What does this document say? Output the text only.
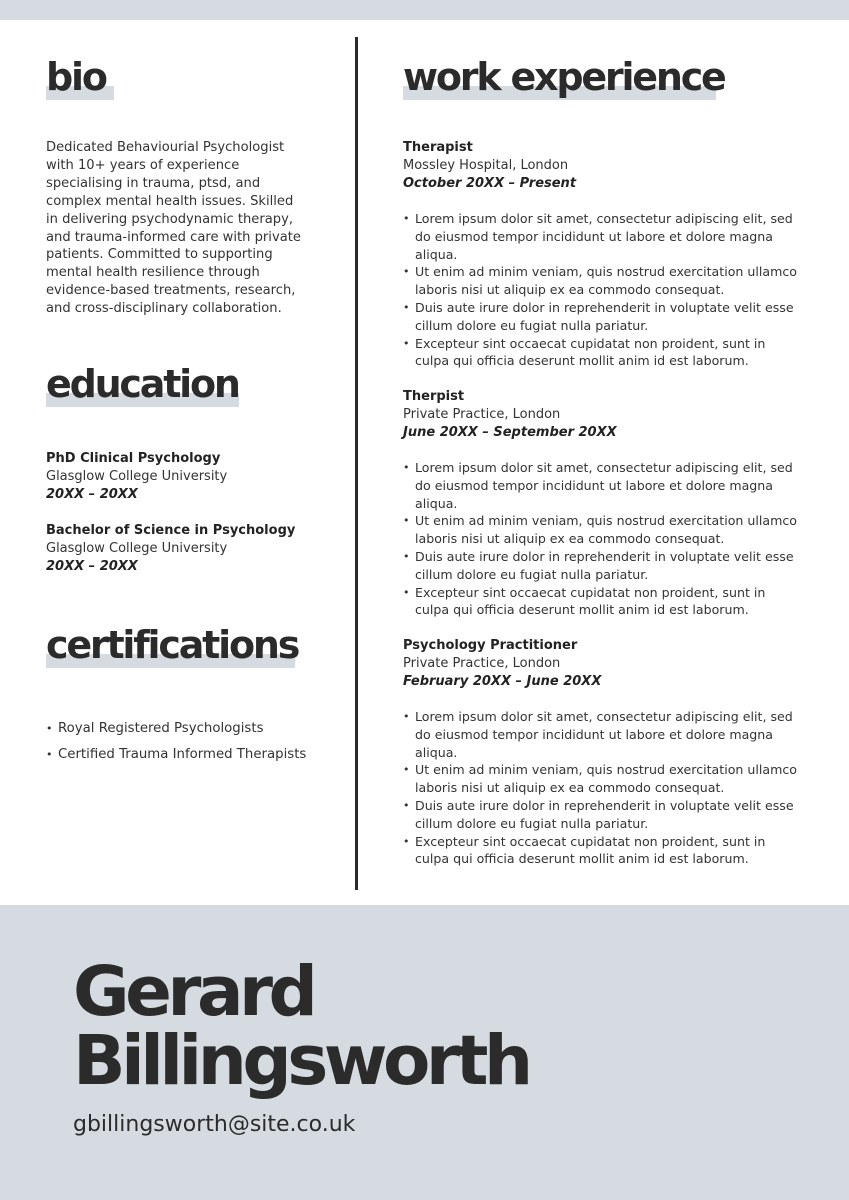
bio
Dedicated Behaviourial Psychologist with 10+ years of experience specialising in trauma, ptsd, and complex mental health issues. Skilled in delivering psychodynamic therapy, and trauma-informed care with private patients. Committed to supporting mental health resilience through evidence-based treatments, research, and cross-disciplinary collaboration.
education
PhD Clinical Psychology
Glasglow College University
20XX – 20XX
Bachelor of Science in Psychology
Glasglow College University
20XX – 20XX
certifications
• Royal Registered Psychologists
• Certified Trauma Informed Therapists
work experience
Therapist
Mossley Hospital, London
October 20XX – Present
• Lorem ipsum dolor sit amet, consectetur adipiscing elit, sed do eiusmod tempor incididunt ut labore et dolore magna aliqua.
• Ut enim ad minim veniam, quis nostrud exercitation ullamco laboris nisi ut aliquip ex ea commodo consequat.
• Duis aute irure dolor in reprehenderit in voluptate velit esse cillum dolore eu fugiat nulla pariatur.
• Excepteur sint occaecat cupidatat non proident, sunt in culpa qui officia deserunt mollit anim id est laborum.
Therpist
Private Practice, London
June 20XX – September 20XX
• Lorem ipsum dolor sit amet, consectetur adipiscing elit, sed do eiusmod tempor incididunt ut labore et dolore magna aliqua.
• Ut enim ad minim veniam, quis nostrud exercitation ullamco laboris nisi ut aliquip ex ea commodo consequat.
• Duis aute irure dolor in reprehenderit in voluptate velit esse cillum dolore eu fugiat nulla pariatur.
• Excepteur sint occaecat cupidatat non proident, sunt in culpa qui officia deserunt mollit anim id est laborum.
Psychology Practitioner
Private Practice, London
February 20XX – June 20XX
• Lorem ipsum dolor sit amet, consectetur adipiscing elit, sed do eiusmod tempor incididunt ut labore et dolore magna aliqua.
• Ut enim ad minim veniam, quis nostrud exercitation ullamco laboris nisi ut aliquip ex ea commodo consequat.
• Duis aute irure dolor in reprehenderit in voluptate velit esse cillum dolore eu fugiat nulla pariatur.
• Excepteur sint occaecat cupidatat non proident, sunt in culpa qui officia deserunt mollit anim id est laborum.
Gerard
Billingsworth
gbillingsworth@site.co.uk
